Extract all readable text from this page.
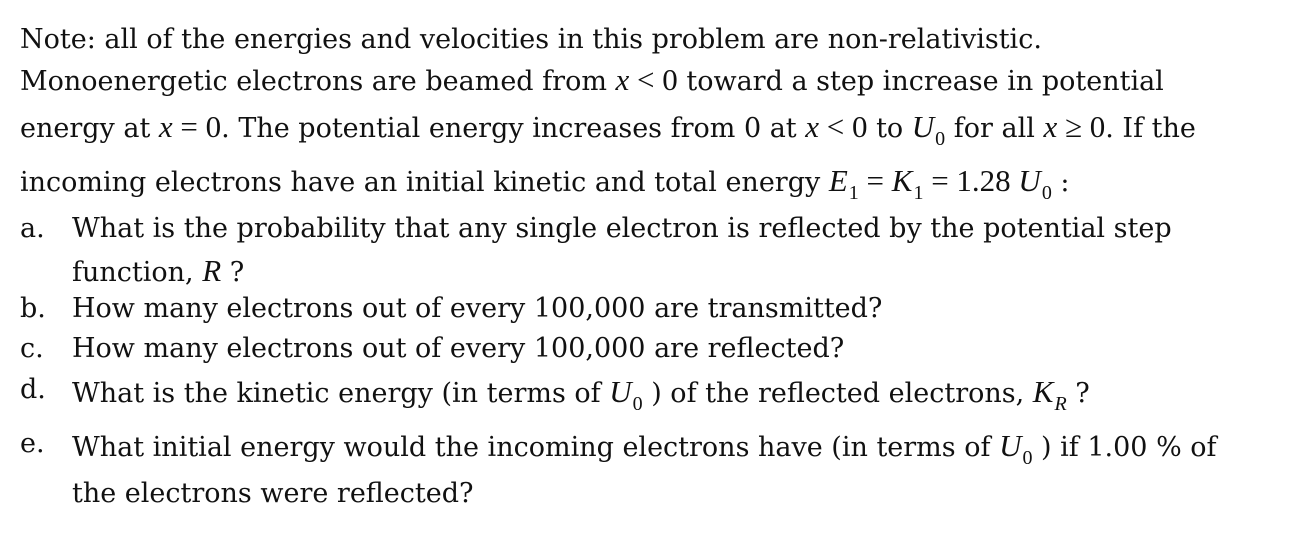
Note: all of the energies and velocities in this problem are non-relativistic.
Monoenergetic electrons are beamed from x < 0 toward a step increase in potential
energy at x = 0. The potential energy increases from 0 at x < 0 to $U_0$ for all x ≥ 0. If the
incoming electrons have an initial kinetic and total energy $E_1 = K_1 = 1.28$ $U_0$ :
a.	What is the probability that any single electron is reflected by the potential step
function, R ?
b. How many electrons out of every 100,000 are transmitted?
c.	How many electrons out of every 100,000 are reflected?
d. What is the kinetic energy (in terms of $U_0$ ) of the reflected electrons, $K_R$ ?
e.	What initial energy would the incoming electrons have (in terms of $U_0$ ) if 1.00 % of
the electrons were reflected?
